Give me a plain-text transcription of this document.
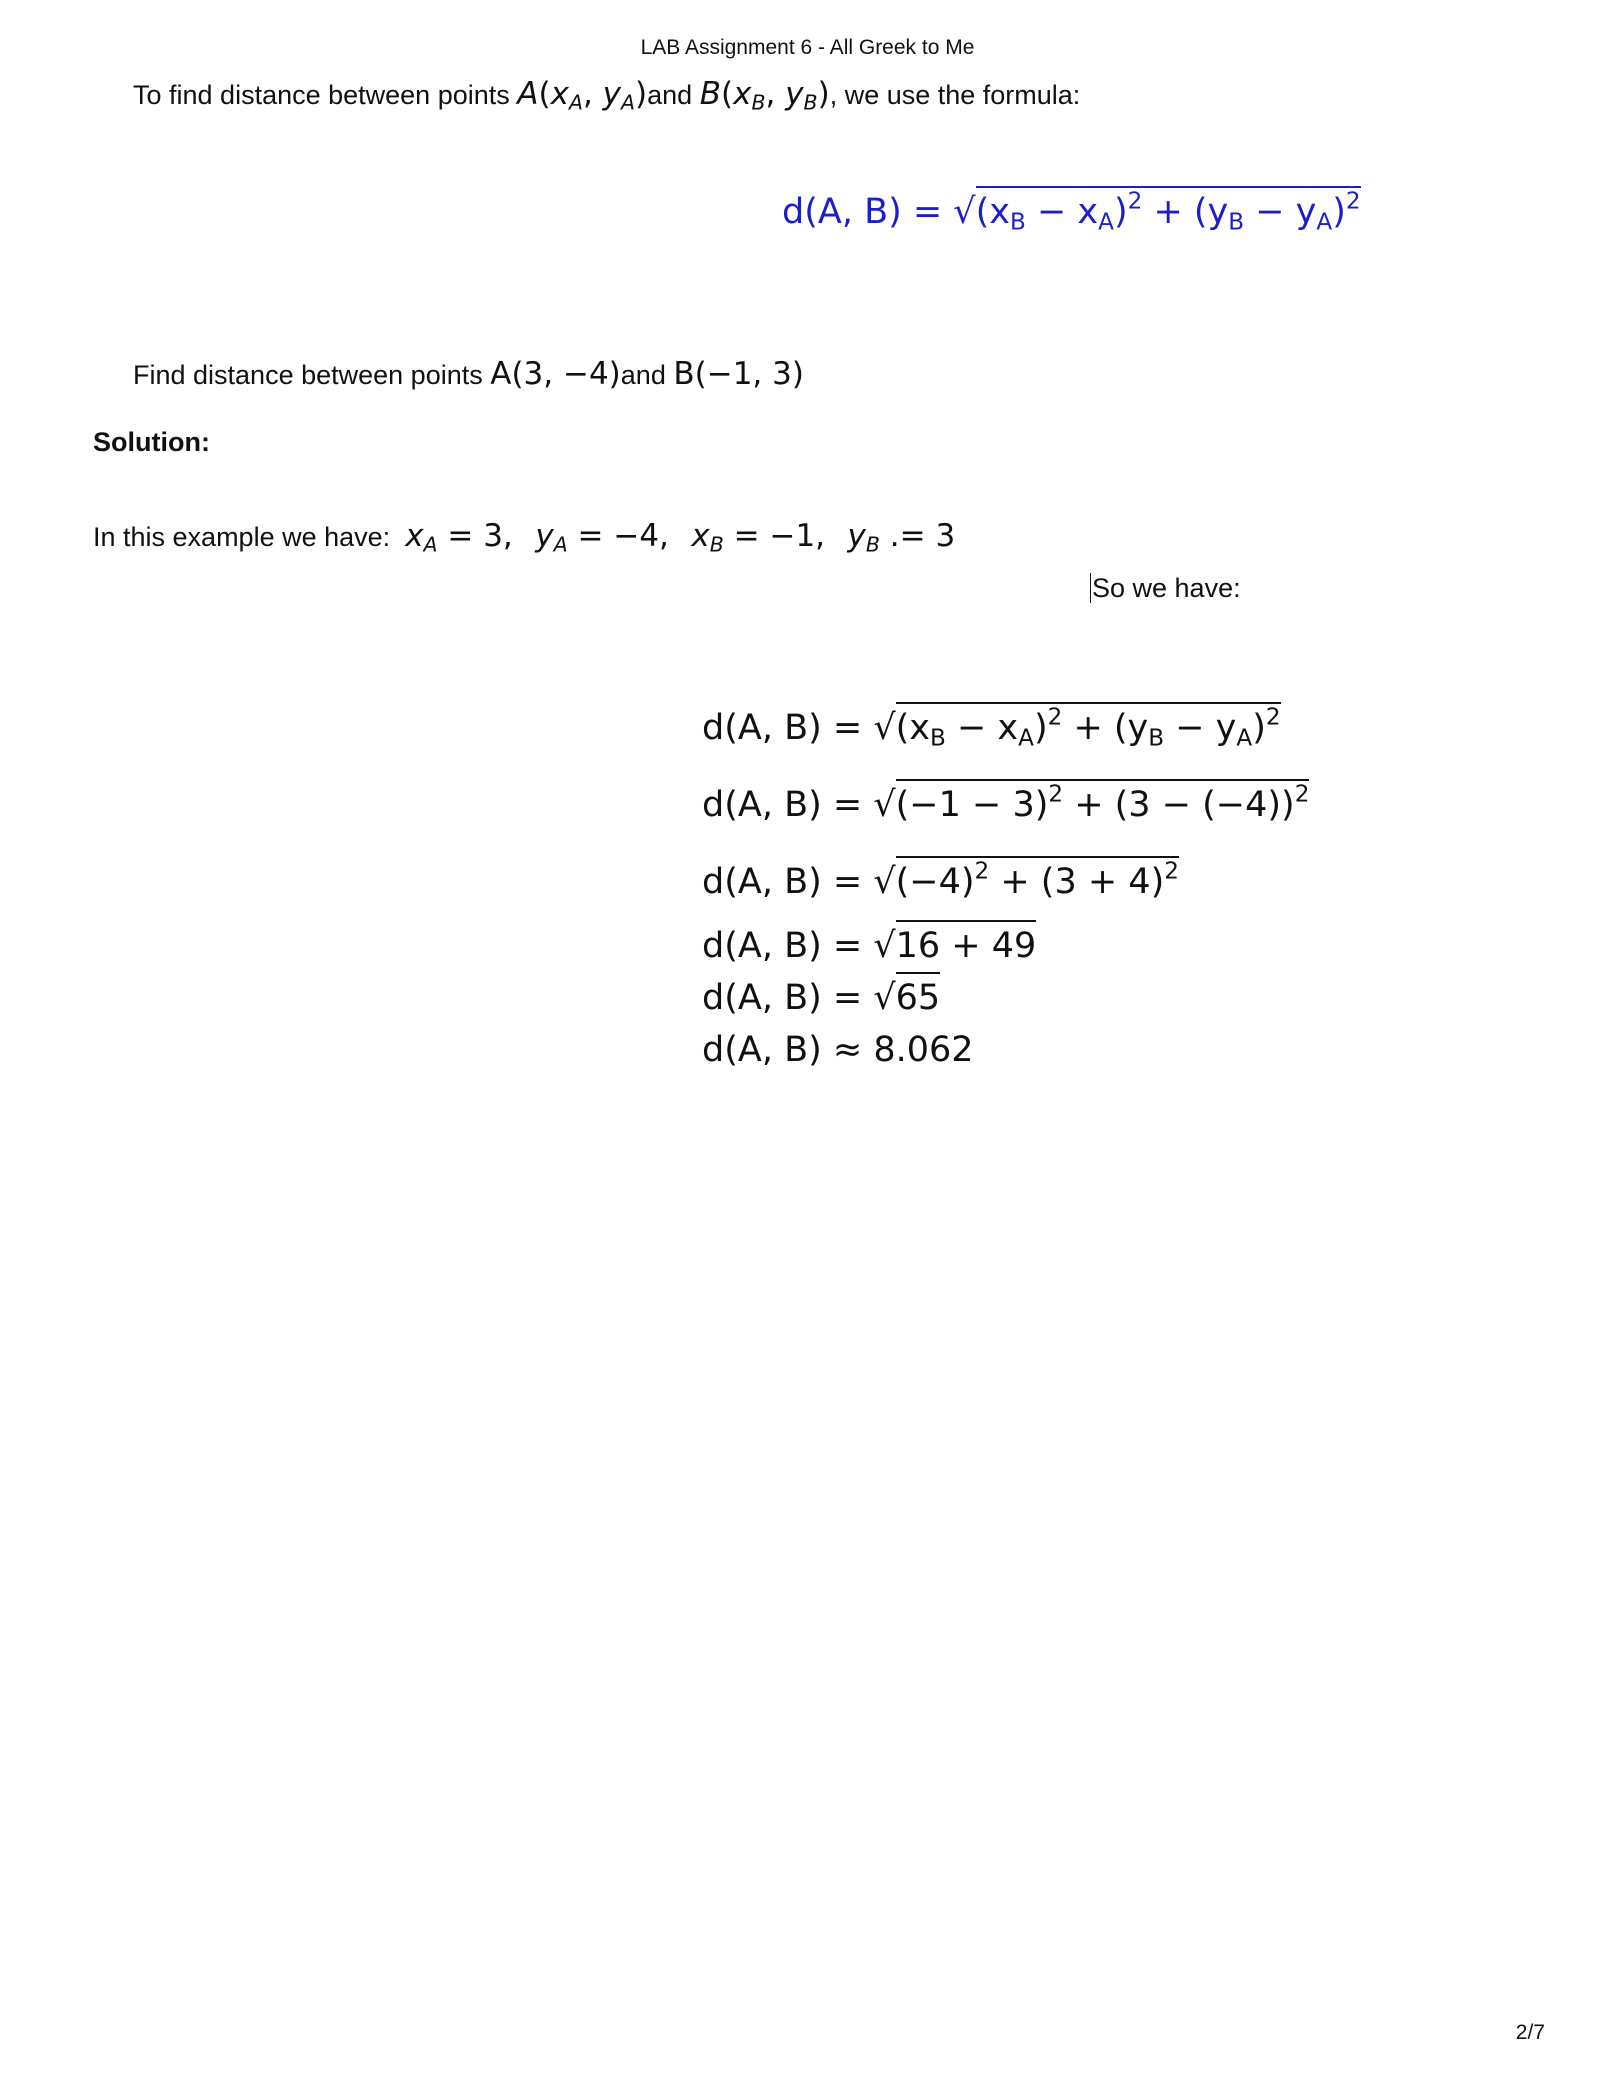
LAB Assignment 6 - All Greek to Me
To find distance between points $A(x_A$, $y_A)and$ $B(x_B$, $y_B$), we use the formula:
d(A, $B) = √(x_B - x_A)^2 + (y_B - y_A)^2$
Find distance between points A(3, −4)and B(−1, 3)
Solution:
In this example we have: $x_A = 3$, $y_A = -4$, $x_B = -1$, $y_B$ .= 3
So we have:
d(A, $B) = √(x_B - x_A)^2 + (y_B - y_A)^2$
d(A, $B) = √(-1 - 3)^2 + (3 - (-4))^2$
d(A, $B) = √(-4)^2 + (3 + 4)^2$
d(A, B) = √16 + 49
d(A, B) = √65
d(A, B) ≈ 8.062
2/7
